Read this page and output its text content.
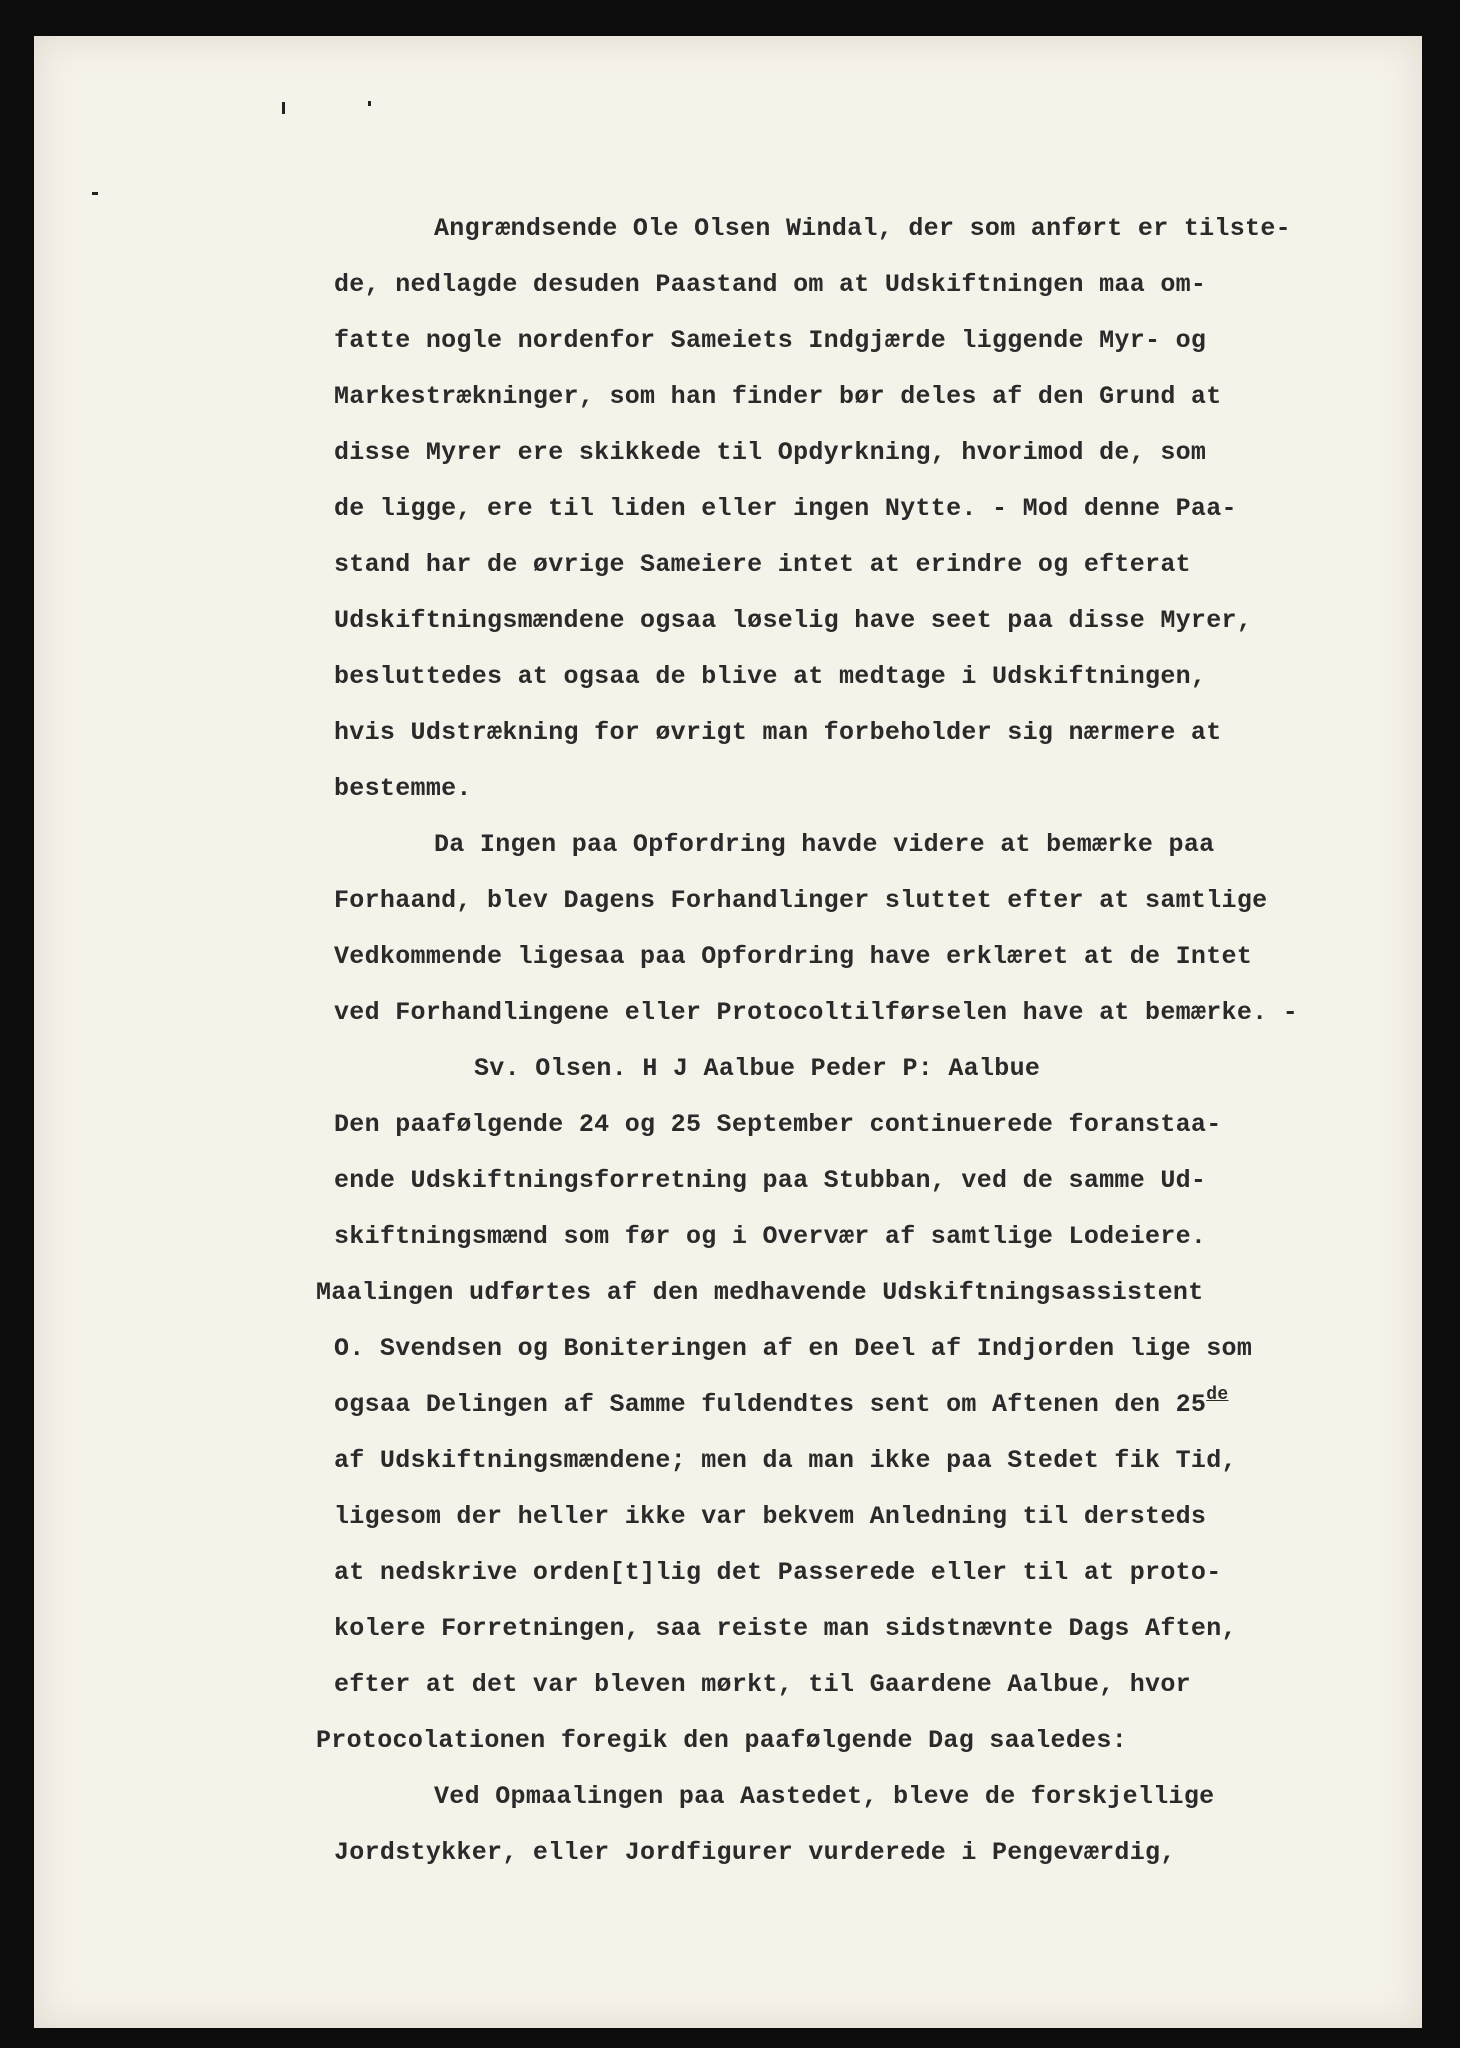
Angrændsende Ole Olsen Windal, der som anført er tilste-
de, nedlagde desuden Paastand om at Udskiftningen maa om-
fatte nogle nordenfor Sameiets Indgjærde liggende Myr- og
Markestrækninger, som han finder bør deles af den Grund at
disse Myrer ere skikkede til Opdyrkning, hvorimod de, som
de ligge, ere til liden eller ingen Nytte. - Mod denne Paa-
stand har de øvrige Sameiere intet at erindre og efterat
Udskiftningsmændene ogsaa løselig have seet paa disse Myrer,
besluttedes at ogsaa de blive at medtage i Udskiftningen,
hvis Udstrækning for øvrigt man forbeholder sig nærmere at
bestemme.
Da Ingen paa Opfordring havde videre at bemærke paa
Forhaand, blev Dagens Forhandlinger sluttet efter at samtlige
Vedkommende ligesaa paa Opfordring have erklæret at de Intet
ved Forhandlingene eller Protocoltilførselen have at bemærke. -
Sv. Olsen. H J Aalbue Peder P: Aalbue
Den paafølgende 24 og 25 September continuerede foranstaa-
ende Udskiftningsforretning paa Stubban, ved de samme Ud-
skiftningsmænd som før og i Overvær af samtlige Lodeiere.
Maalingen udførtes af den medhavende Udskiftningsassistent
O. Svendsen og Boniteringen af en Deel af Indjorden lige som
ogsaa Delingen af Samme fuldendtes sent om Aftenen den 25de
af Udskiftningsmændene; men da man ikke paa Stedet fik Tid,
ligesom der heller ikke var bekvem Anledning til dersteds
at nedskrive orden[t]lig det Passerede eller til at proto-
kolere Forretningen, saa reiste man sidstnævnte Dags Aften,
efter at det var bleven mørkt, til Gaardene Aalbue, hvor
Protocolationen foregik den paafølgende Dag saaledes:
Ved Opmaalingen paa Aastedet, bleve de forskjellige
Jordstykker, eller Jordfigurer vurderede i Pengeværdig,
